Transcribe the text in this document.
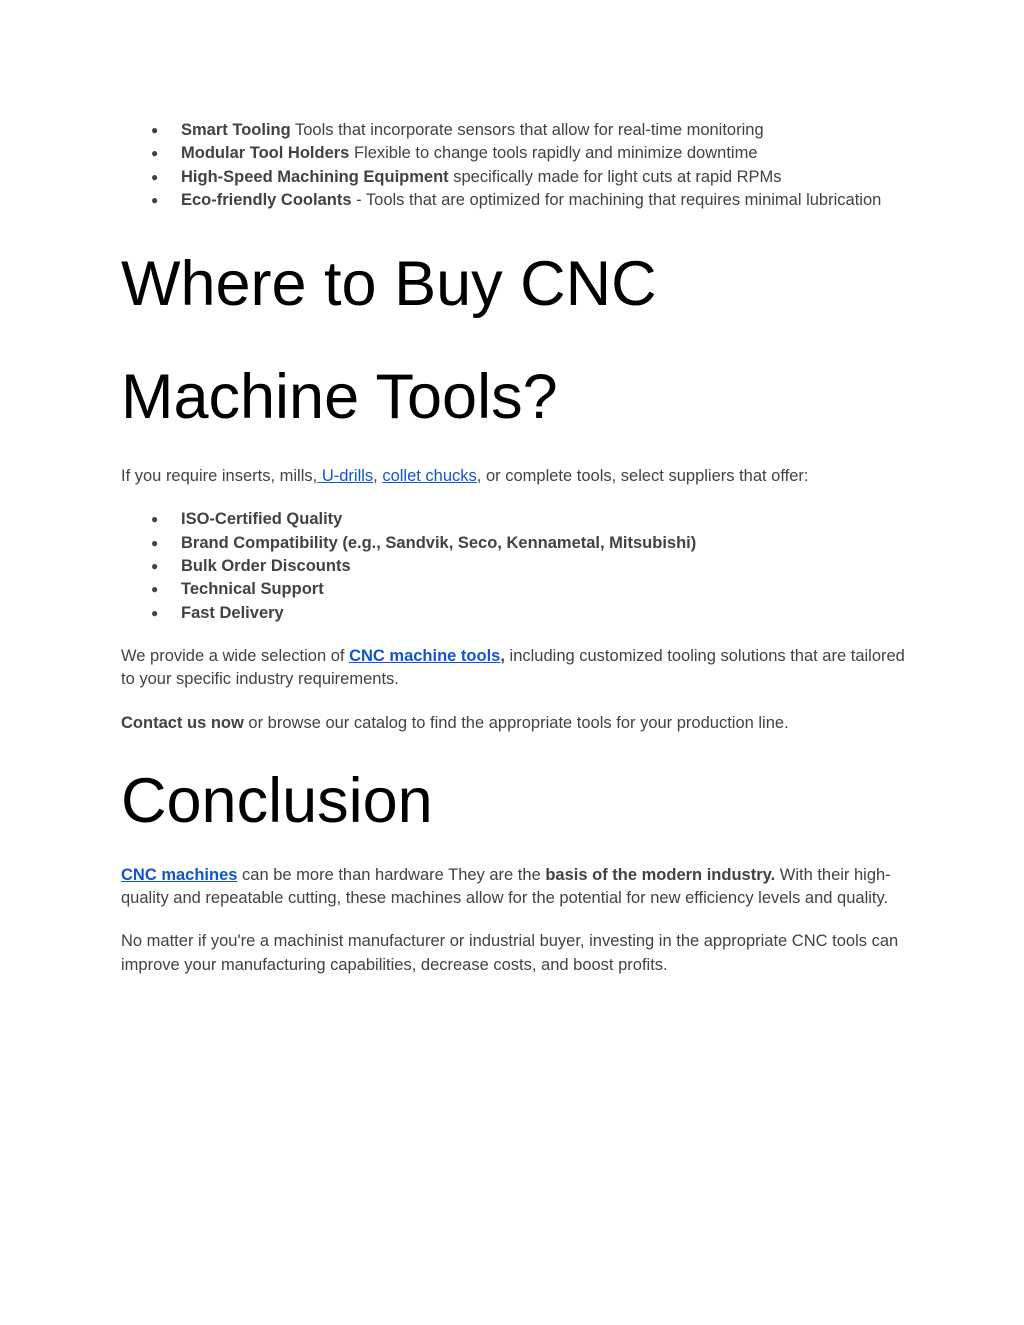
● Smart Tooling Tools that incorporate sensors that allow for real-time monitoring
● Modular Tool Holders Flexible to change tools rapidly and minimize downtime
● High-Speed Machining Equipment specifically made for light cuts at rapid RPMs
● Eco-friendly Coolants - Tools that are optimized for machining that requires minimal lubrication
Where to Buy CNC
Machine Tools?

If you require inserts, mills, U-drills, collet chucks, or complete tools, select suppliers that offer:

● ISO-Certified Quality
● Brand Compatibility (e.g., Sandvik, Seco, Kennametal, Mitsubishi)
● Bulk Order Discounts
● Technical Support
● Fast Delivery

We provide a wide selection of CNC machine tools, including customized tooling solutions that are tailored to your specific industry requirements.

Contact us now or browse our catalog to find the appropriate tools for your production line.

Conclusion

CNC machines can be more than hardware They are the basis of the modern industry. With their high-quality and repeatable cutting, these machines allow for the potential for new efficiency levels and quality.

No matter if you're a machinist manufacturer or industrial buyer, investing in the appropriate CNC tools can improve your manufacturing capabilities, decrease costs, and boost profits.
